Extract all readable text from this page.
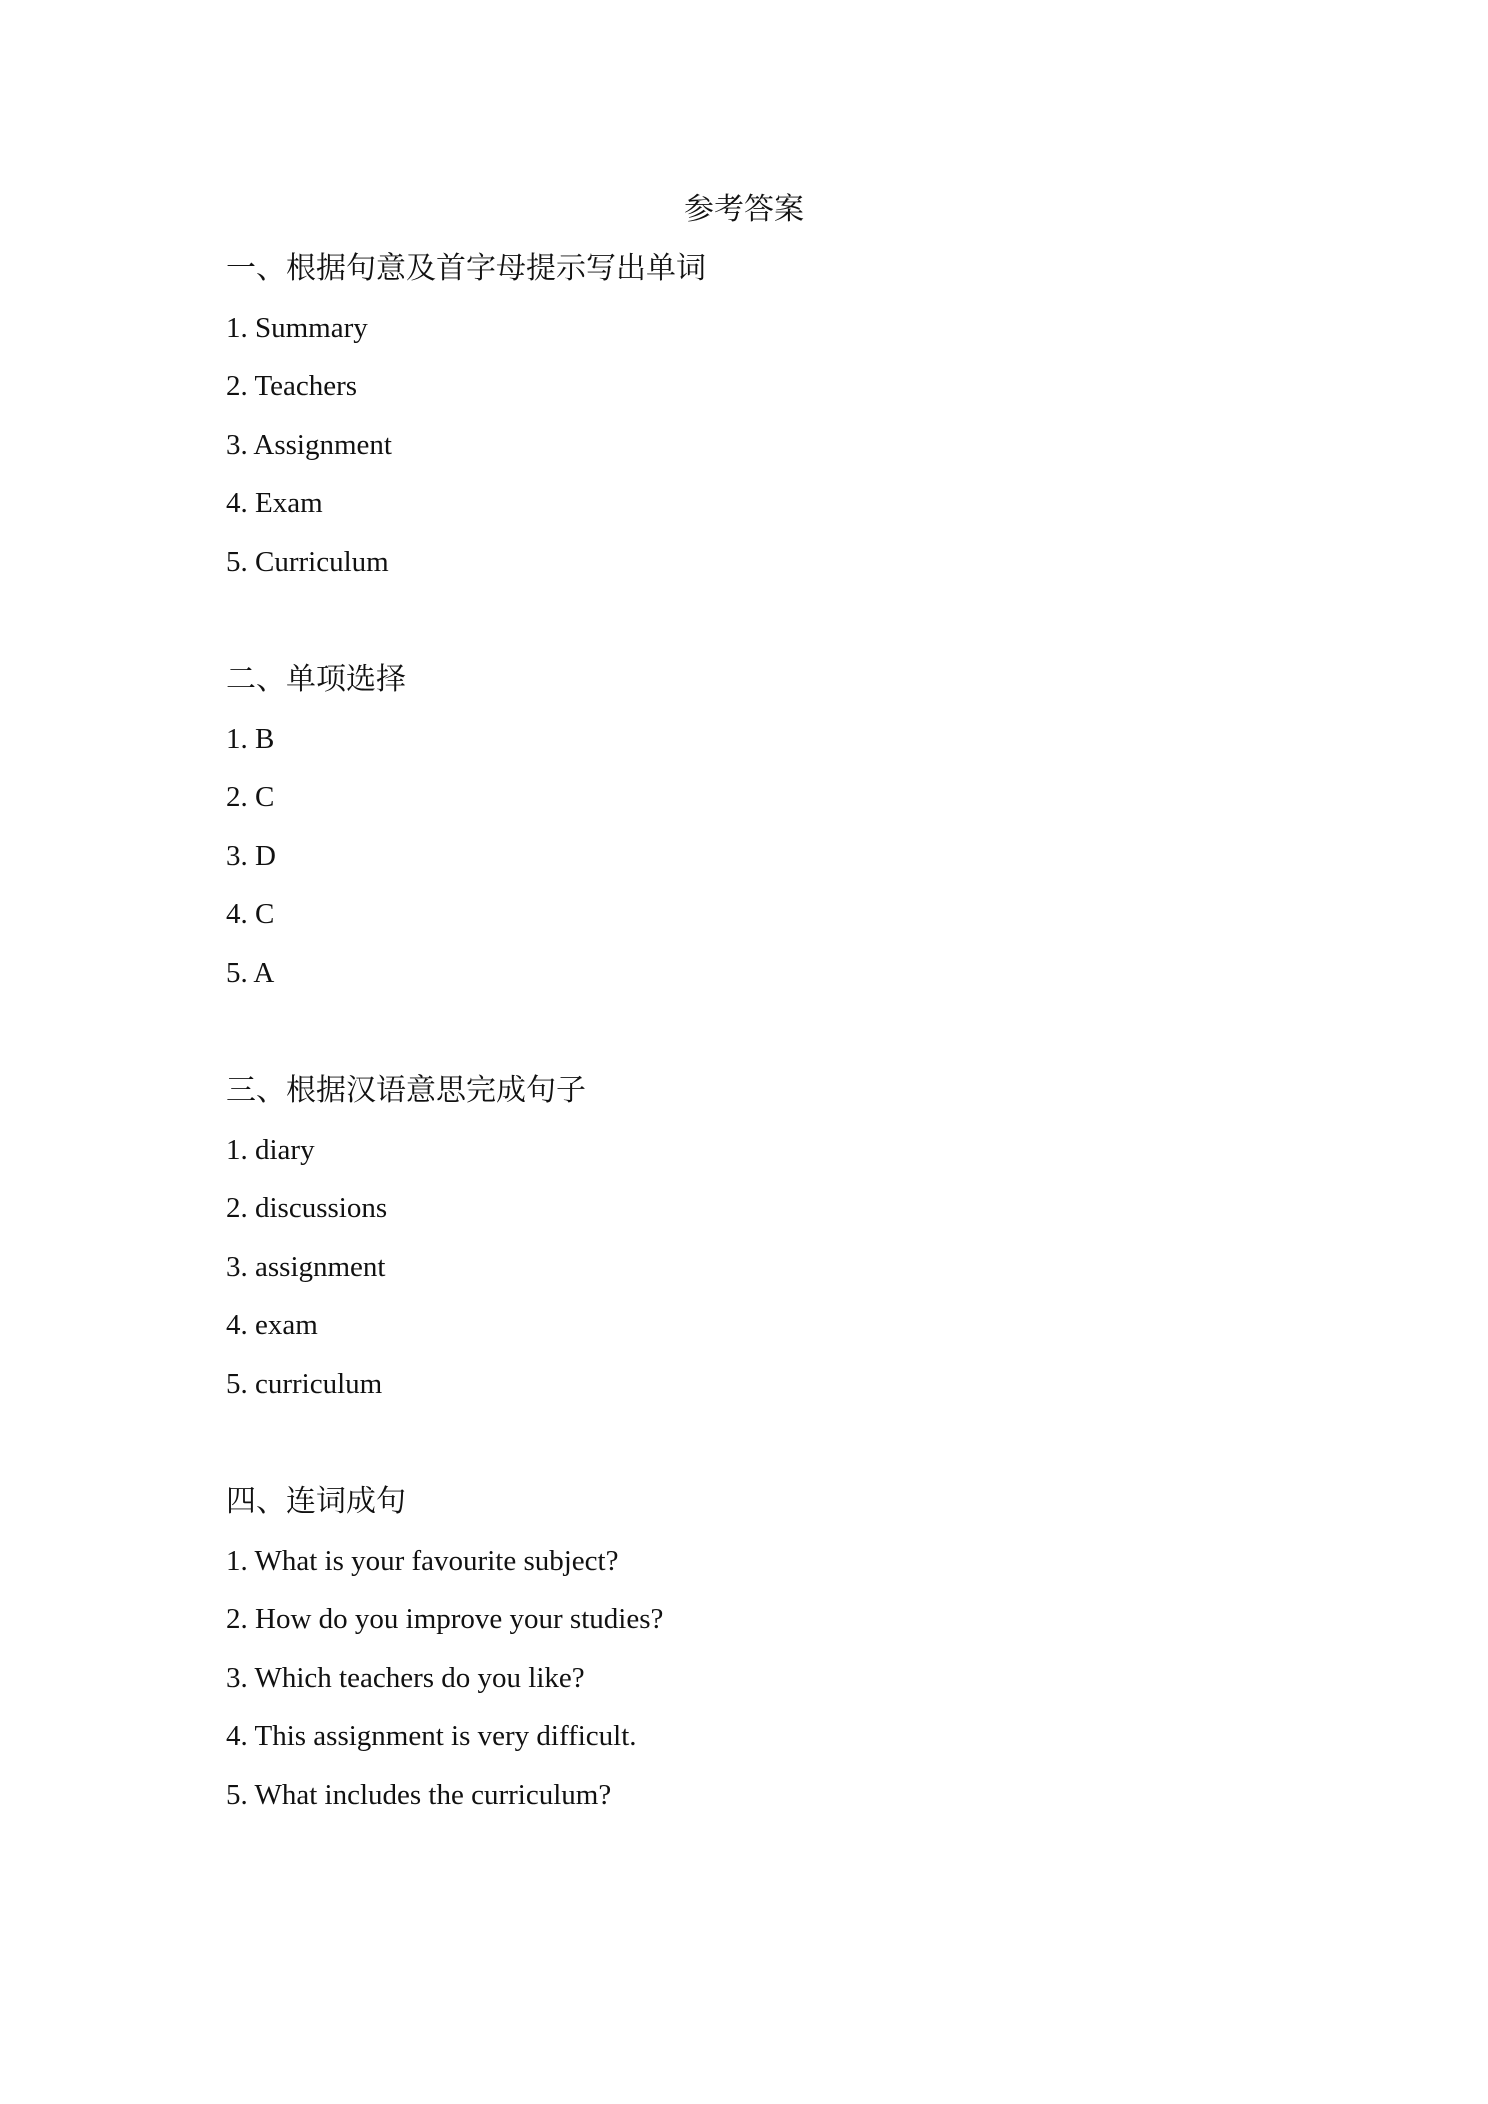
参考答案
一、根据句意及首字母提示写出单词
1. Summary
2. Teachers
3. Assignment
4. Exam
5. Curriculum
二、单项选择
1. B
2. C
3. D
4. C
5. A
三、根据汉语意思完成句子
1. diary
2. discussions
3. assignment
4. exam
5. curriculum
四、连词成句
1. What is your favourite subject?
2. How do you improve your studies?
3. Which teachers do you like?
4. This assignment is very difficult.
5. What includes the curriculum?
